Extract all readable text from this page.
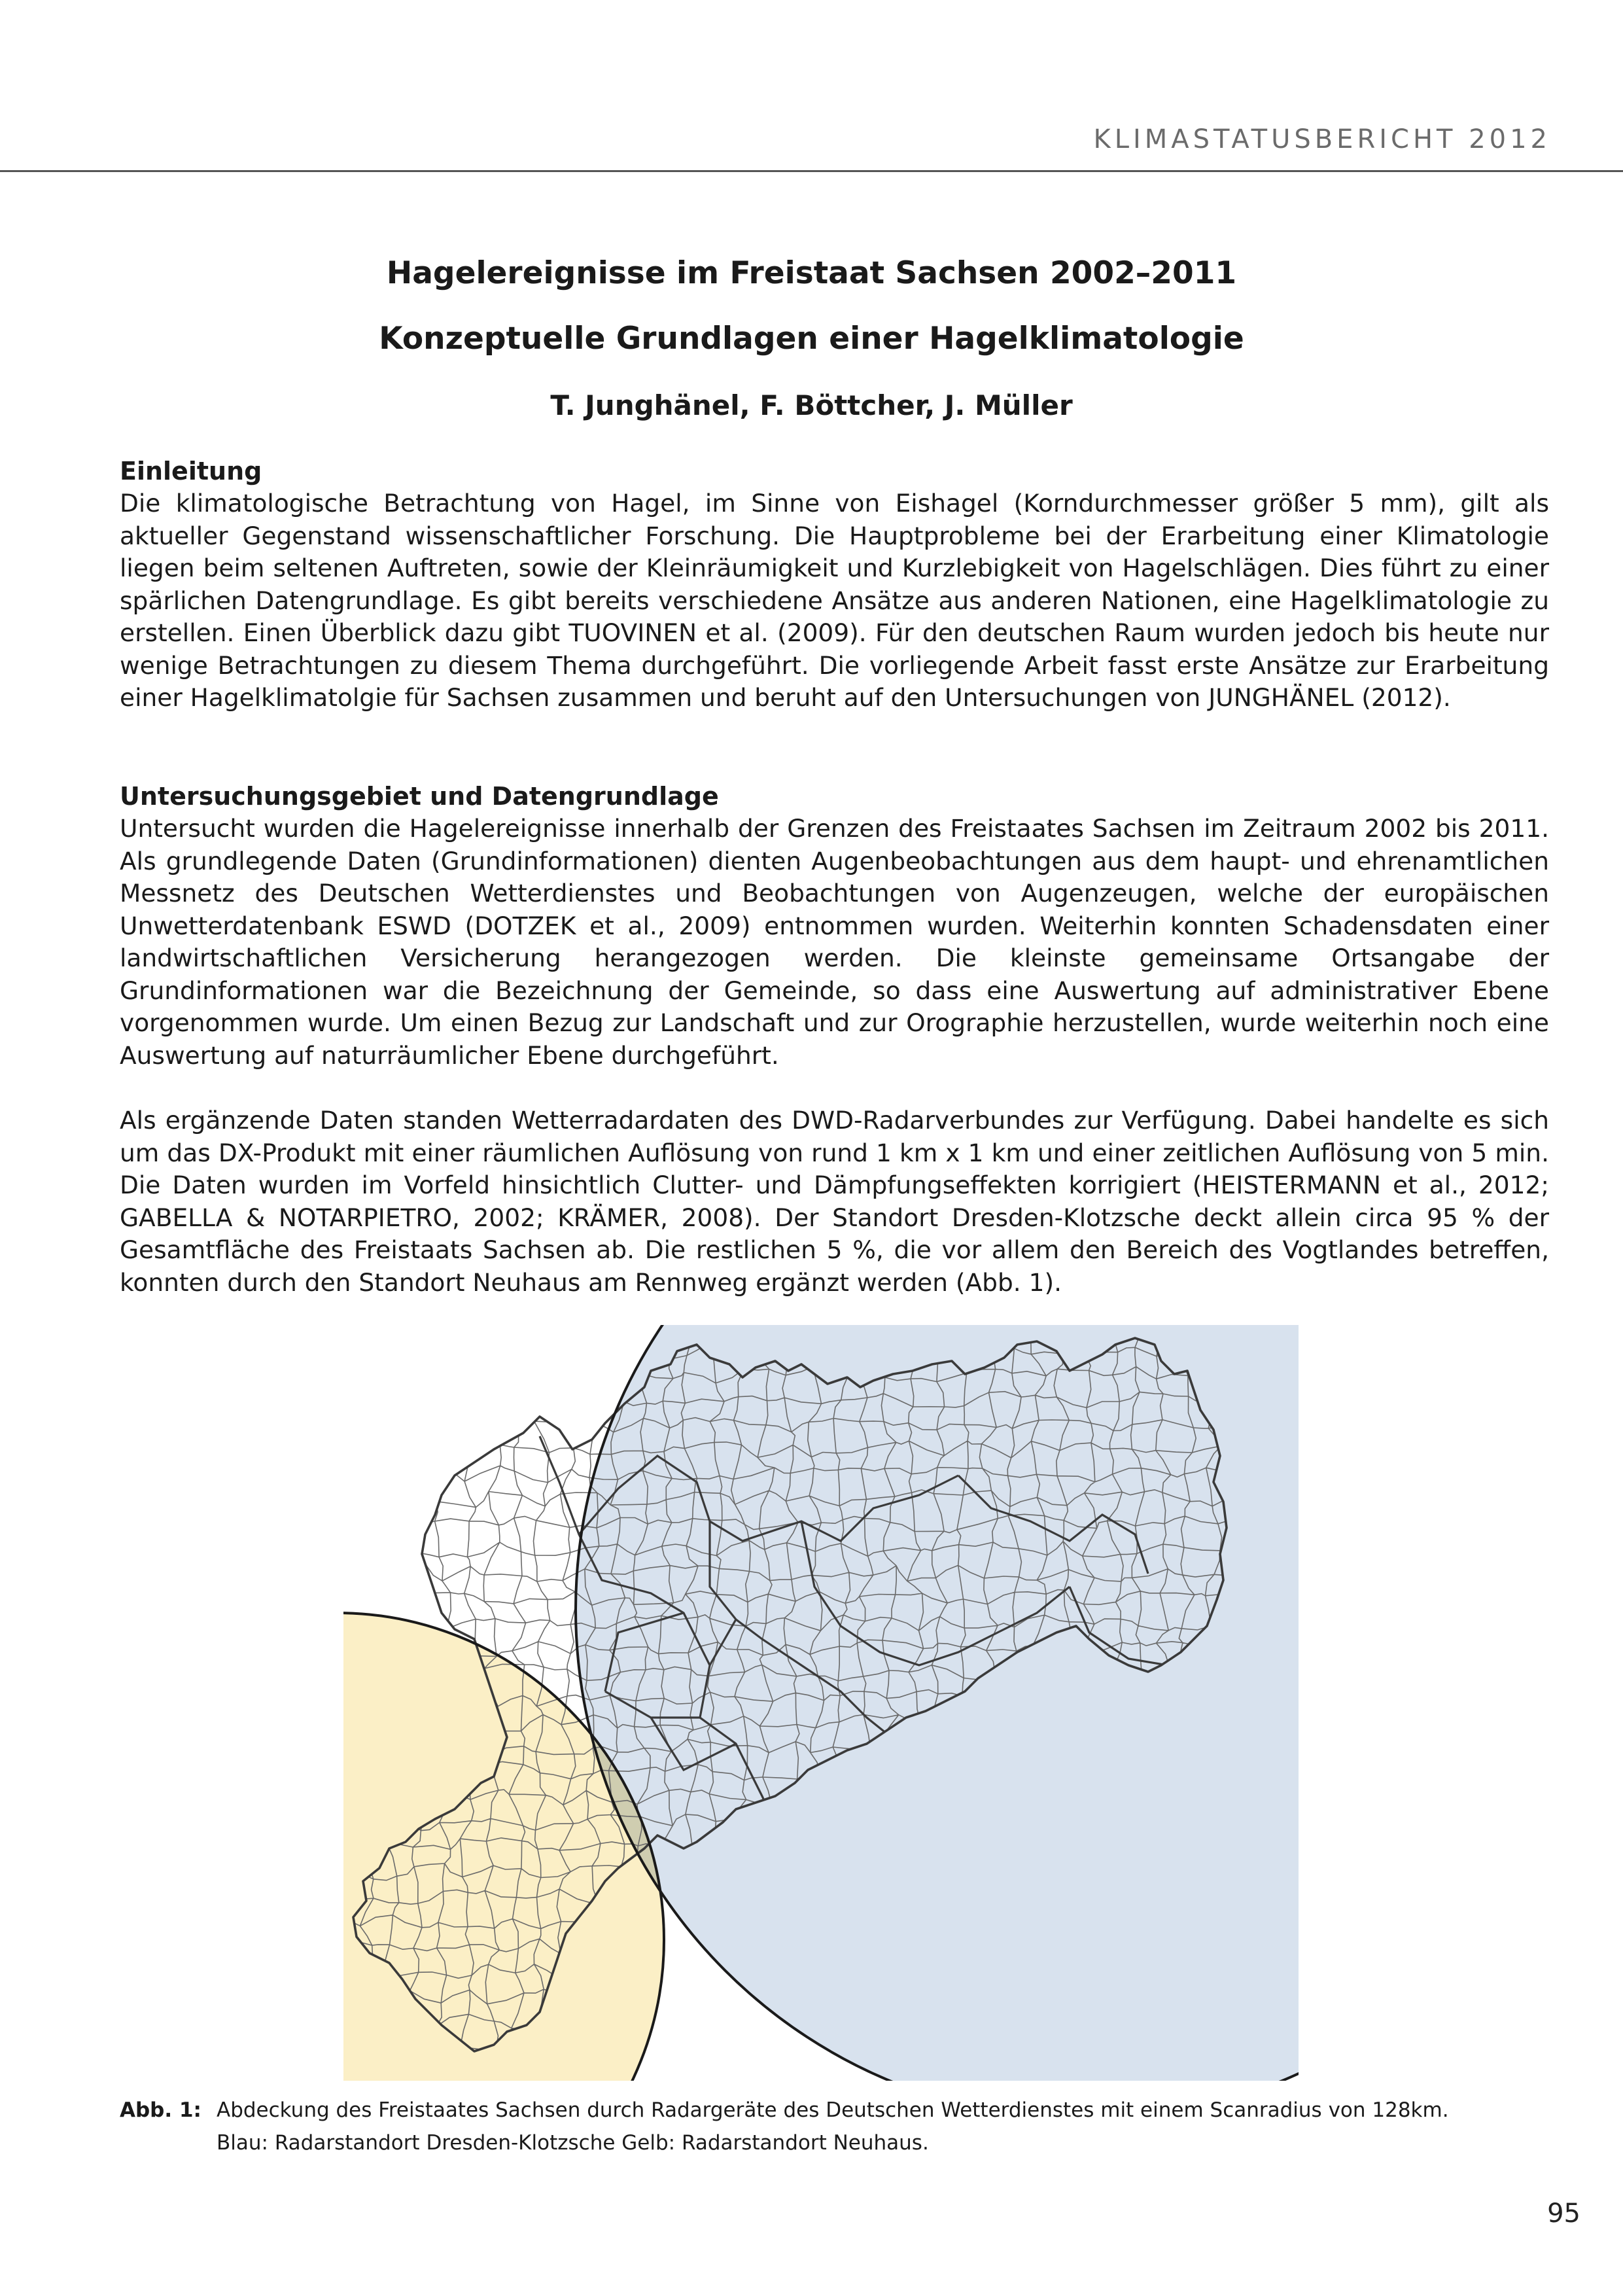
KLIMASTATUSBERICHT 2012
Hagelereignisse im Freistaat Sachsen 2002–2011
Konzeptuelle Grundlagen einer Hagelklimatologie
T. Junghänel, F. Böttcher, J. Müller
Einleitung

Die klimatologische Betrachtung von Hagel, im Sinne von Eishagel (Korndurchmesser größer 5 mm), gilt als aktueller Gegenstand wissenschaftlicher Forschung. Die Hauptprobleme bei der Erarbeitung einer Klimatologie liegen beim seltenen Auftreten, sowie der Kleinräumigkeit und Kurzlebigkeit von Hagelschlägen. Dies führt zu einer spärlichen Datengrundlage. Es gibt bereits verschiedene Ansätze aus anderen Nationen, eine Hagelklimatologie zu erstellen. Einen Überblick dazu gibt TUOVINEN et al. (2009). Für den deutschen Raum wurden jedoch bis heute nur wenige Betrachtungen zu diesem Thema durchgeführt. Die vorliegende Arbeit fasst erste Ansätze zur Erarbeitung einer Hagelklimatolgie für Sachsen zusammen und beruht auf den Untersuchungen von JUNGHÄNEL (2012).

Untersuchungsgebiet und Datengrundlage

Untersucht wurden die Hagelereignisse innerhalb der Grenzen des Freistaates Sachsen im Zeitraum 2002 bis 2011. Als grundlegende Daten (Grundinformationen) dienten Augenbeobachtungen aus dem haupt- und ehrenamtlichen Messnetz des Deutschen Wetterdienstes und Beobachtungen von Augenzeugen, welche der europäischen Unwetterdatenbank ESWD (DOTZEK et al., 2009) entnommen wurden. Weiterhin konnten Schadensdaten einer landwirtschaftlichen Versicherung herangezogen werden. Die kleinste gemeinsame Ortsangabe der Grundinformationen war die Bezeichnung der Gemeinde, so dass eine Auswertung auf administrativer Ebene vorgenommen wurde. Um einen Bezug zur Landschaft und zur Orographie herzustellen, wurde weiterhin noch eine Auswertung auf naturräumlicher Ebene durchgeführt.

Als ergänzende Daten standen Wetterradardaten des DWD-Radarverbundes zur Verfügung. Dabei handelte es sich um das DX-Produkt mit einer räumlichen Auflösung von rund 1 km x 1 km und einer zeitlichen Auflösung von 5 min. Die Daten wurden im Vorfeld hinsichtlich Clutter- und Dämpfungseffekten korrigiert (HEISTERMANN et al., 2012; GABELLA & NOTARPIETRO, 2002; KRÄMER, 2008). Der Standort Dresden-Klotzsche deckt allein circa 95 % der Gesamtfläche des Freistaats Sachsen ab. Die restlichen 5 %, die vor allem den Bereich des Vogtlandes betreffen, konnten durch den Standort Neuhaus am Rennweg ergänzt werden (Abb. 1).

Abb. 1: Abdeckung des Freistaates Sachsen durch Radargeräte des Deutschen Wetterdienstes mit einem Scanradius von 128km.
Blau: Radarstandort Dresden-Klotzsche Gelb: Radarstandort Neuhaus.
95
